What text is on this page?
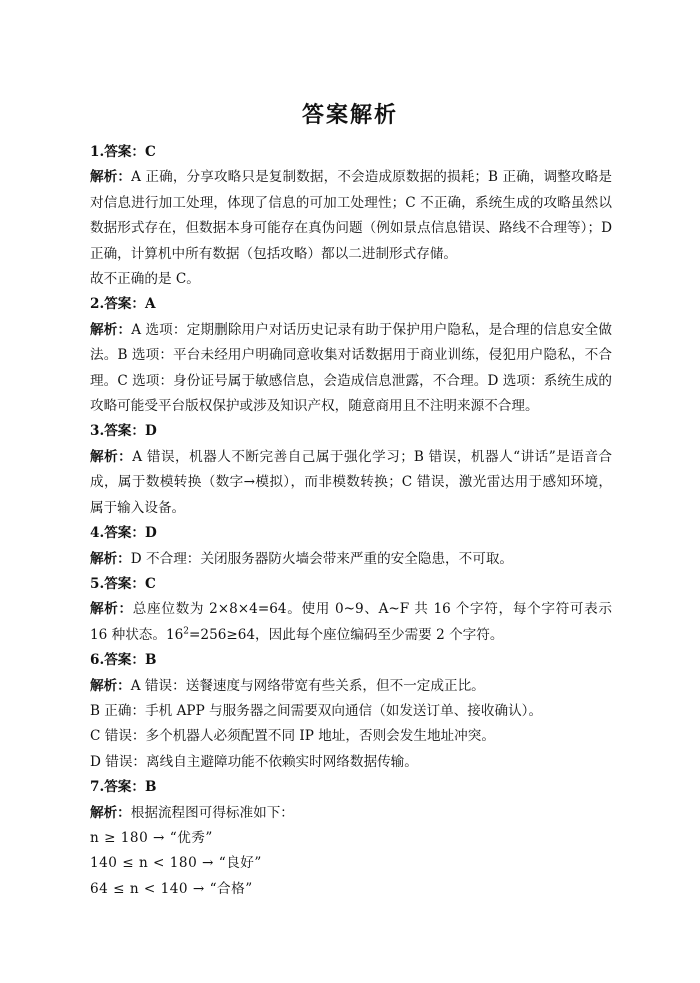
答案解析

1.答案：C

解析：A 正确，分享攻略只是复制数据，不会造成原数据的损耗；B 正确，调整攻略是对信息进行加工处理，体现了信息的可加工处理性；C 不正确，系统生成的攻略虽然以数据形式存在，但数据本身可能存在真伪问题（例如景点信息错误、路线不合理等）；D 正确，计算机中所有数据（包括攻略）都以二进制形式存储。

故不正确的是 C。

2.答案：A

解析：A 选项：定期删除用户对话历史记录有助于保护用户隐私，是合理的信息安全做法。B 选项：平台未经用户明确同意收集对话数据用于商业训练，侵犯用户隐私，不合理。C 选项：身份证号属于敏感信息，会造成信息泄露，不合理。D 选项：系统生成的攻略可能受平台版权保护或涉及知识产权，随意商用且不注明来源不合理。

3.答案：D

解析：A 错误，机器人不断完善自己属于强化学习；B 错误，机器人“讲话”是语音合成，属于数模转换（数字→模拟），而非模数转换；C 错误，激光雷达用于感知环境，属于输入设备。

4.答案：D

解析：D 不合理：关闭服务器防火墙会带来严重的安全隐患，不可取。

5.答案：C

解析：总座位数为 2×8×4=64。使用 0~9、A~F 共 16 个字符，每个字符可表示 16 种状态。$16^2=256\ge 64$，因此每个座位编码至少需要 2 个字符。

6.答案：B

解析：A 错误：送餐速度与网络带宽有些关系，但不一定成正比。

B 正确：手机 APP 与服务器之间需要双向通信（如发送订单、接收确认）。

C 错误：多个机器人必须配置不同 IP 地址，否则会发生地址冲突。

D 错误：离线自主避障功能不依赖实时网络数据传输。

7.答案：B

解析：根据流程图可得标准如下：

n ≥ 180 → “优秀”

140 ≤ n < 180 → “良好”

64 ≤ n < 140 → “合格”
